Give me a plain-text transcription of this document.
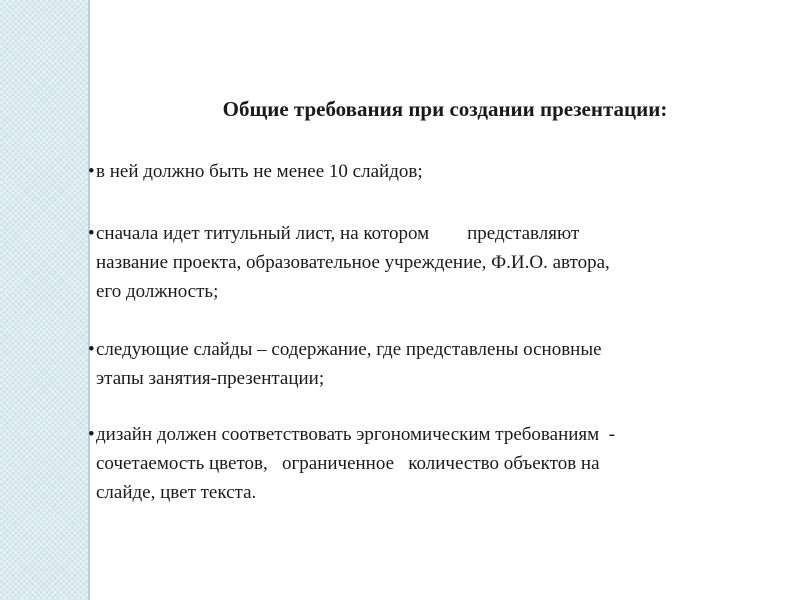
Общие требования при создании презентации:
• в ней должно быть не менее 10 слайдов;
• сначала идет титульный лист, на котором        представляют
название проекта, образовательное учреждение, Ф.И.О. автора,
его должность;
• следующие слайды – содержание, где представлены основные
этапы занятия-презентации;
• дизайн должен соответствовать эргономическим требованиям  -
сочетаемость цветов,   ограниченное   количество объектов на
слайде, цвет текста.
